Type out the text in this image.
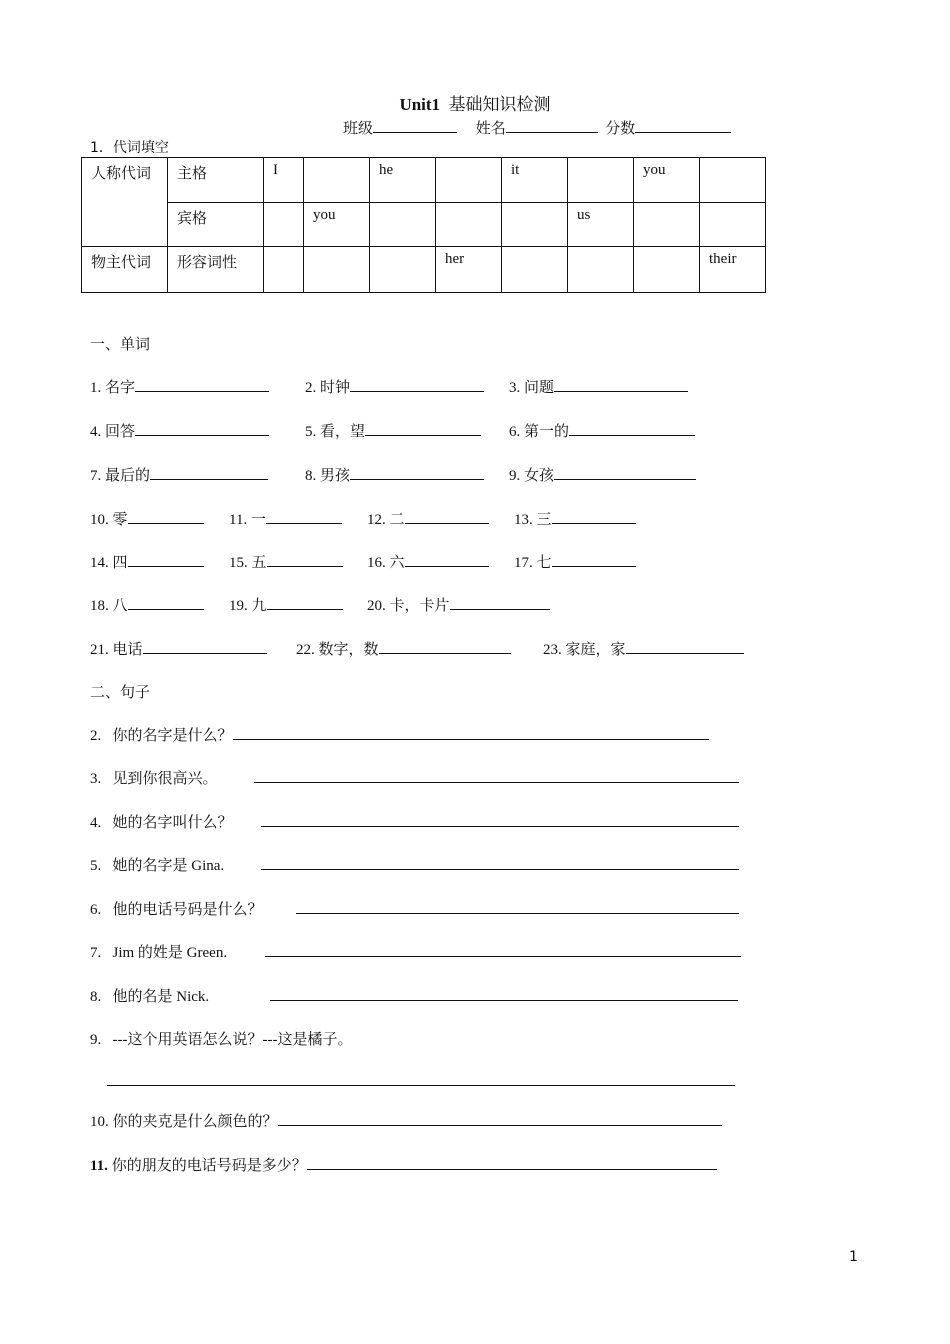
Unit1 基础知识检测
班级	姓名	分数
1．代词填空
人称代词	主格	I		he		it		you	
	宾格		you				us		
物主代词	形容词性				her				their
一、单词
1. 名字	2. 时钟	3. 问题
4. 回答	5. 看，望	6. 第一的
7. 最后的	8. 男孩	9. 女孩
10. 零	11. 一	12. 二	13. 三
14. 四	15. 五	16. 六	17. 七
18. 八	19. 九	20. 卡，卡片
21. 电话	22. 数字，数	23. 家庭，家
二、句子
2. 你的名字是什么？
3. 见到你很高兴。
4. 她的名字叫什么？
5. 她的名字是 Gina.
6. 他的电话号码是什么？
7. Jim 的姓是 Green.
8. 他的名是 Nick.
9. ---这个用英语怎么说？---这是橘子。
10. 你的夹克是什么颜色的？
11. 你的朋友的电话号码是多少？
1
